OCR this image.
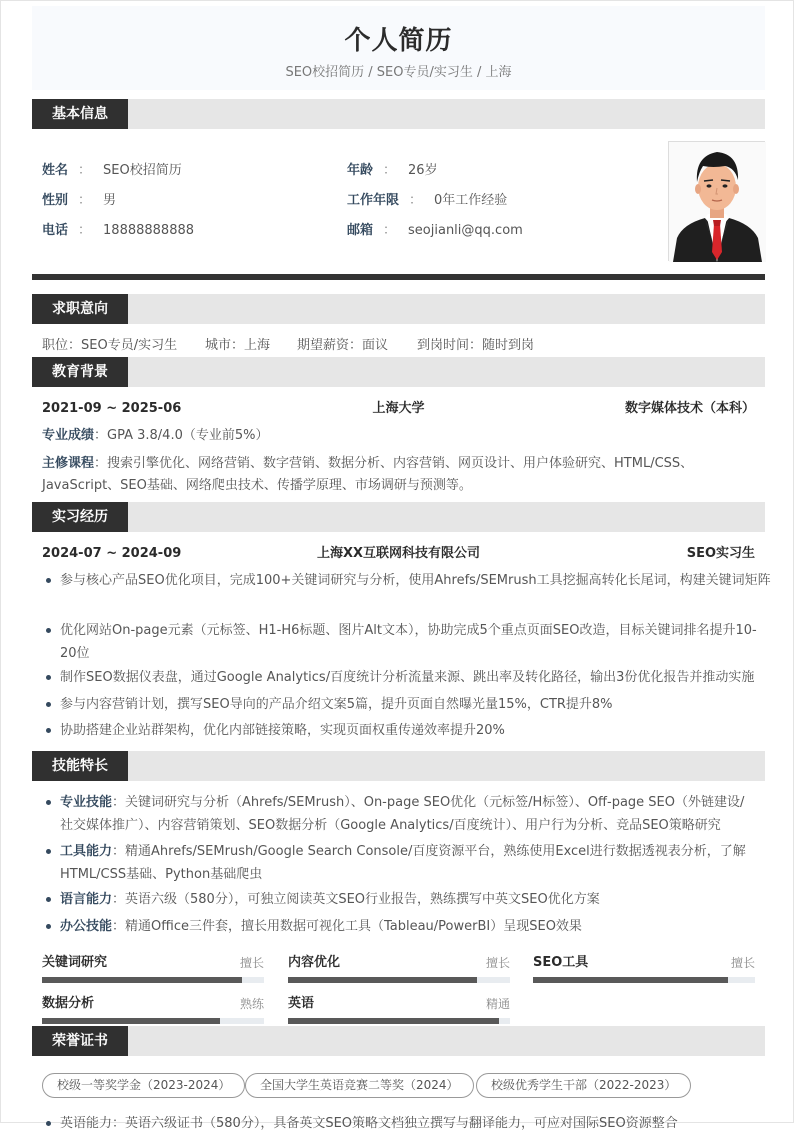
个人简历
SEO校招简历 / SEO专员/实习生 / 上海
基本信息
姓名 ： SEO校招简历
性别 ： 男
电话 ： 18888888888
年龄 ： 26岁
工作年限 ： 0年工作经验
邮箱 ： seojianli@qq.com
求职意向
职位：SEO专员/实习生 城市：上海 期望薪资：面议 到岗时间：随时到岗
教育背景
2021-09 ~ 2025-06	上海大学	数字媒体技术（本科）
专业成绩：GPA 3.8/4.0（专业前5%）
主修课程：搜索引擎优化、网络营销、数字营销、数据分析、内容营销、网页设计、用户体验研究、HTML/CSS、JavaScript、SEO基础、网络爬虫技术、传播学原理、市场调研与预测等。
实习经历
2024-07 ~ 2024-09	上海XX互联网科技有限公司	SEO实习生
参与核心产品SEO优化项目，完成100+关键词研究与分析，使用Ahrefs/SEMrush工具挖掘高转化长尾词，构建关键词矩阵
优化网站On-page元素（元标签、H1-H6标题、图片Alt文本），协助完成5个重点页面SEO改造，目标关键词排名提升10-20位
制作SEO数据仪表盘，通过Google Analytics/百度统计分析流量来源、跳出率及转化路径，输出3份优化报告并推动实施
参与内容营销计划，撰写SEO导向的产品介绍文案5篇，提升页面自然曝光量15%，CTR提升8%
协助搭建企业站群架构，优化内部链接策略，实现页面权重传递效率提升20%
技能特长
专业技能：关键词研究与分析（Ahrefs/SEMrush）、On-page SEO优化（元标签/H标签）、Off-page SEO（外链建设/社交媒体推广）、内容营销策划、SEO数据分析（Google Analytics/百度统计）、用户行为分析、竞品SEO策略研究
工具能力：精通Ahrefs/SEMrush/Google Search Console/百度资源平台，熟练使用Excel进行数据透视表分析，了解HTML/CSS基础、Python基础爬虫
语言能力：英语六级（580分），可独立阅读英文SEO行业报告，熟练撰写中英文SEO优化方案
办公技能：精通Office三件套，擅长用数据可视化工具（Tableau/PowerBI）呈现SEO效果
关键词研究	擅长 内容优化	擅长 SEO工具	擅长
数据分析	熟练 英语	精通
荣誉证书
校级一等奖学金（2023-2024）	全国大学生英语竞赛二等奖（2024）	校级优秀学生干部（2022-2023）
英语能力：英语六级证书（580分），具备英文SEO策略文档独立撰写与翻译能力，可应对国际SEO资源整合
